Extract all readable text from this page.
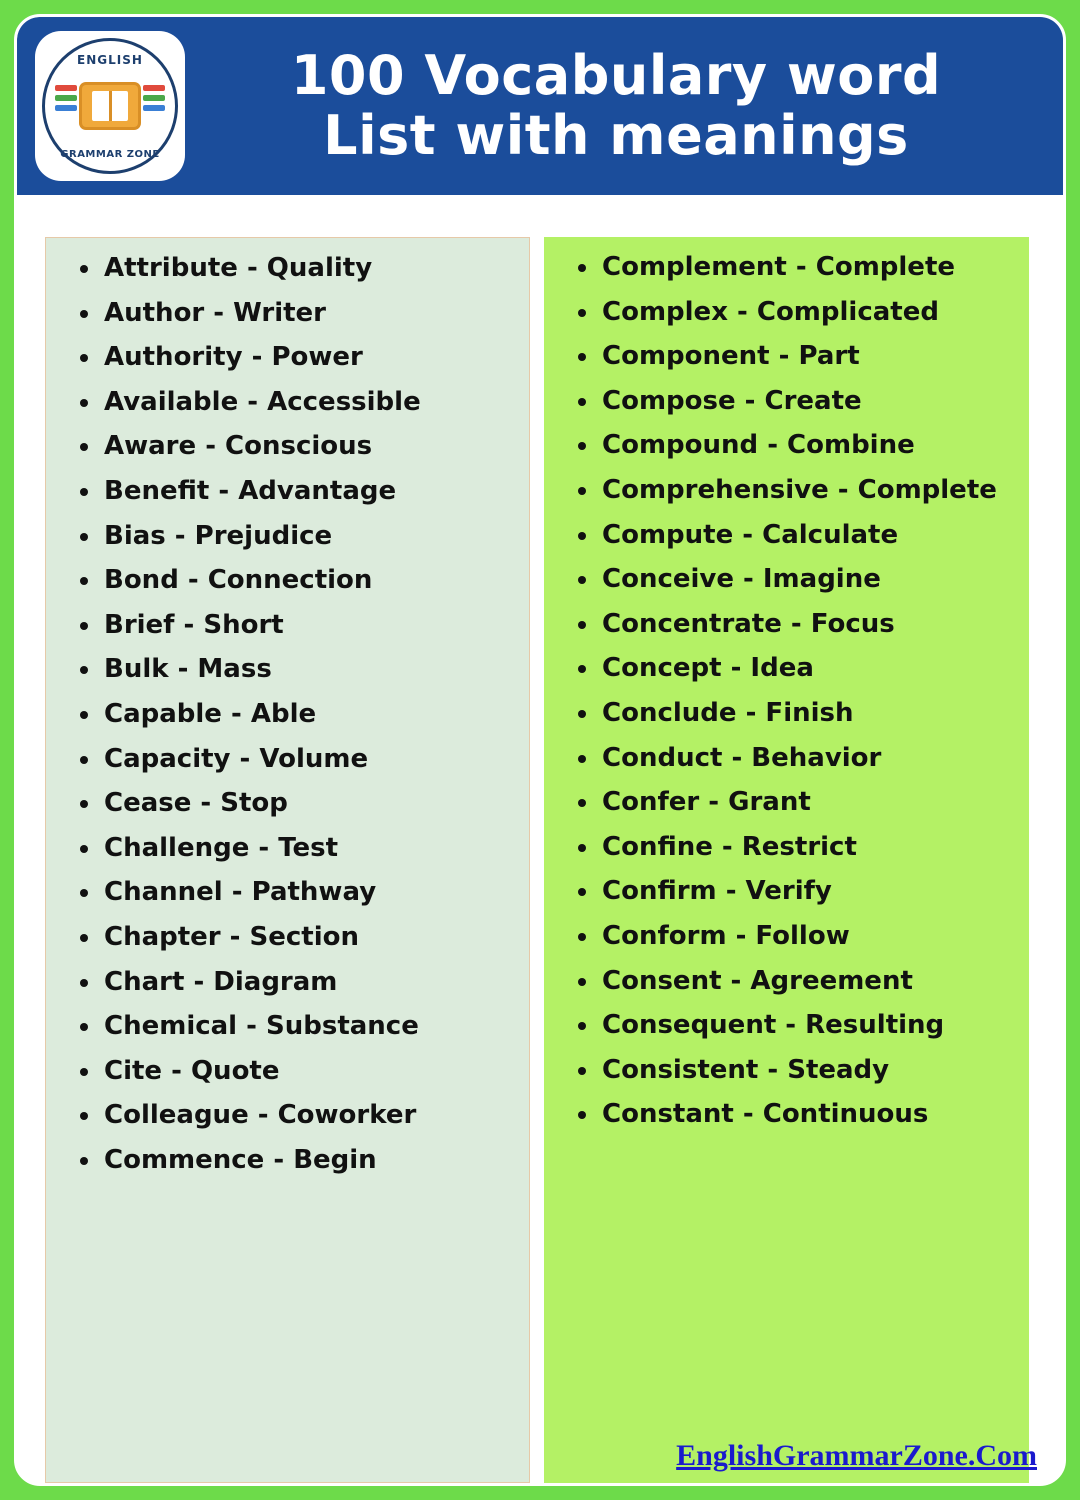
ENGLISH
GRAMMAR ZONE
100 Vocabulary word
List with meanings
Attribute - Quality
Author - Writer
Authority - Power
Available - Accessible
Aware - Conscious
Benefit - Advantage
Bias - Prejudice
Bond - Connection
Brief - Short
Bulk - Mass
Capable - Able
Capacity - Volume
Cease - Stop
Challenge - Test
Channel - Pathway
Chapter - Section
Chart - Diagram
Chemical - Substance
Cite - Quote
Colleague - Coworker
Commence - Begin
Complement - Complete
Complex - Complicated
Component - Part
Compose - Create
Compound - Combine
Comprehensive - Complete
Compute - Calculate
Conceive - Imagine
Concentrate - Focus
Concept - Idea
Conclude - Finish
Conduct - Behavior
Confer - Grant
Confine - Restrict
Confirm - Verify
Conform - Follow
Consent - Agreement
Consequent - Resulting
Consistent - Steady
Constant - Continuous
EnglishGrammarZone.Com
